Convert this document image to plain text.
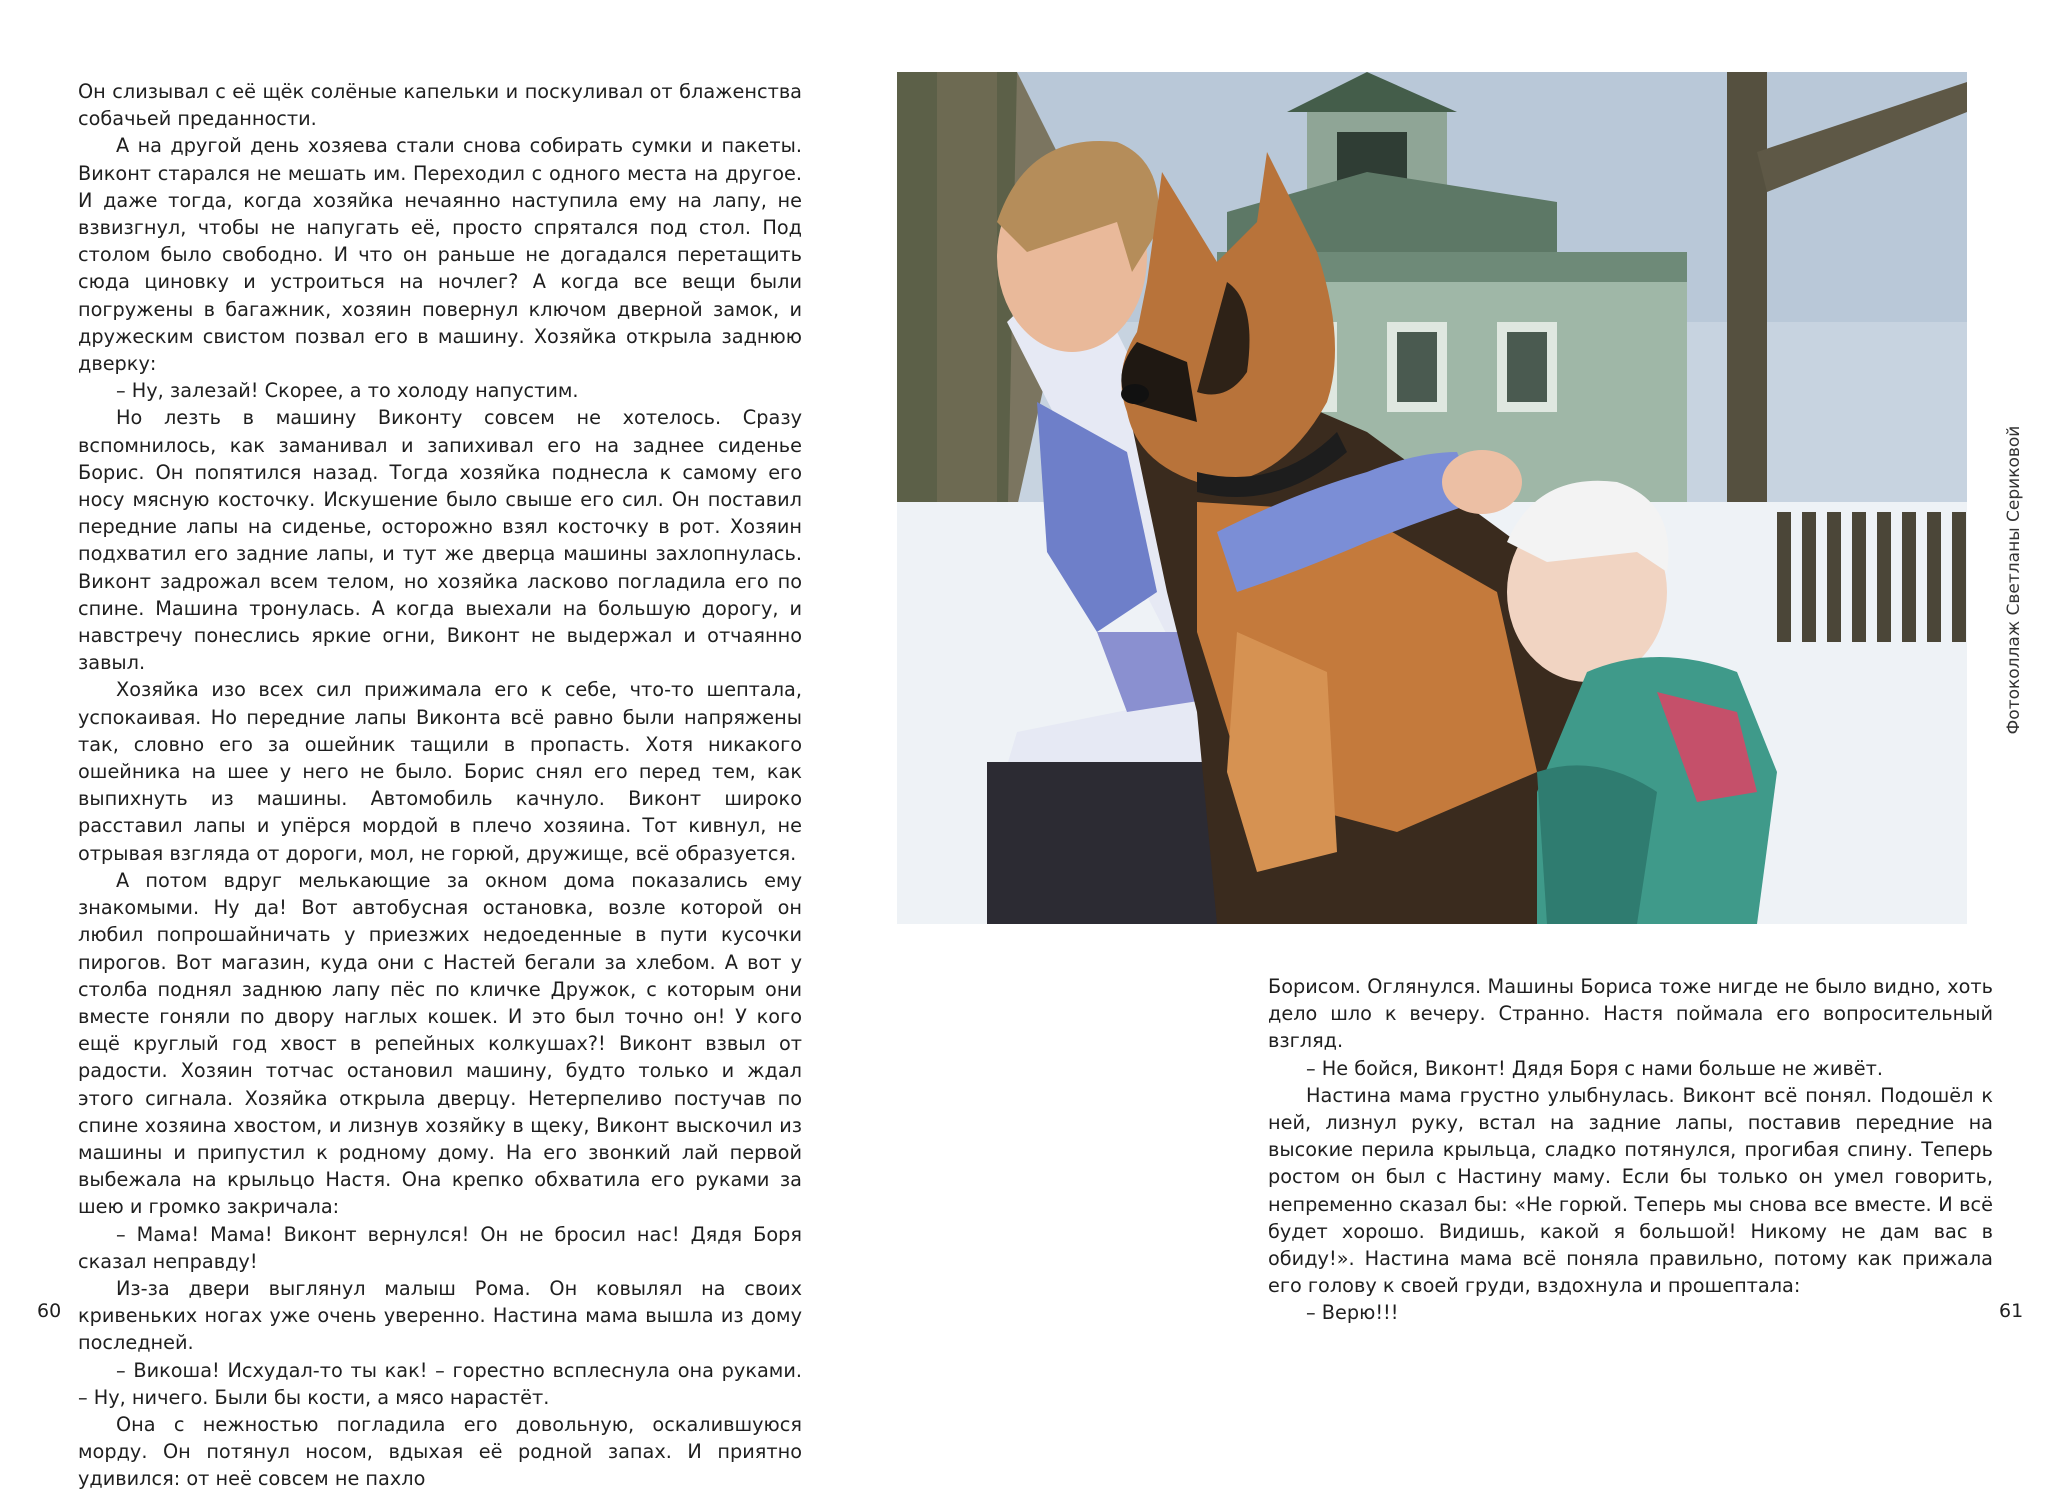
Он слизывал с её щёк солёные капельки и поскуливал от блаженства собачьей преданности.

А на другой день хозяева стали снова собирать сумки и пакеты. Виконт старался не мешать им. Переходил с одного места на другое. И даже тогда, когда хозяйка нечаянно наступила ему на лапу, не взвизгнул, чтобы не напугать её, просто спрятался под стол. Под столом было свободно. И что он раньше не догадался перетащить сюда циновку и устроиться на ночлег? А когда все вещи были погружены в багажник, хозяин повернул ключом дверной замок, и дружеским свистом позвал его в машину. Хозяйка открыла заднюю дверку:

– Ну, залезай! Скорее, а то холоду напустим.

Но лезть в машину Виконту совсем не хотелось. Сразу вспомнилось, как заманивал и запихивал его на заднее сиденье Борис. Он попятился назад. Тогда хозяйка поднесла к самому его носу мясную косточку. Искушение было свыше его сил. Он поставил передние лапы на сиденье, осторожно взял косточку в рот. Хозяин подхватил его задние лапы, и тут же дверца машины захлопнулась. Виконт задрожал всем телом, но хозяйка ласково погладила его по спине. Машина тронулась. А когда выехали на большую дорогу, и навстречу понеслись яркие огни, Виконт не выдержал и отчаянно завыл.

Хозяйка изо всех сил прижимала его к себе, что-то шептала, успокаивая. Но передние лапы Виконта всё равно были напряжены так, словно его за ошейник тащили в пропасть. Хотя никакого ошейника на шее у него не было. Борис снял его перед тем, как выпихнуть из машины. Автомобиль качнуло. Виконт широко расставил лапы и упёрся мордой в плечо хозяина. Тот кивнул, не отрывая взгляда от дороги, мол, не горюй, дружище, всё образуется.

А потом вдруг мелькающие за окном дома показались ему знакомыми. Ну да! Вот автобусная остановка, возле которой он любил попрошайничать у приезжих недоеденные в пути кусочки пирогов. Вот магазин, куда они с Настей бегали за хлебом. А вот у столба поднял заднюю лапу пёс по кличке Дружок, с которым они вместе гоняли по двору наглых кошек. И это был точно он! У кого ещё круглый год хвост в репейных колкушах?! Виконт взвыл от радости. Хозяин тотчас остановил машину, будто только и ждал этого сигнала. Хозяйка открыла дверцу. Нетерпеливо постучав по спине хозяина хвостом, и лизнув хозяйку в щеку, Виконт выскочил из машины и припустил к родному дому. На его звонкий лай первой выбежала на крыльцо Настя. Она крепко обхватила его руками за шею и громко закричала:

– Мама! Мама! Виконт вернулся! Он не бросил нас! Дядя Боря сказал неправду!

Из-за двери выглянул малыш Рома. Он ковылял на своих кривеньких ногах уже очень уверенно. Настина мама вышла из дому последней.

– Викоша! Исхудал-то ты как! – горестно всплеснула она руками. – Ну, ничего. Были бы кости, а мясо нарастёт.

Она с нежностью погладила его довольную, оскалившуюся морду. Он потянул носом, вдыхая её родной запах. И приятно удивился: от неё совсем не пахло

60

Борисом. Оглянулся. Машины Бориса тоже нигде не было видно, хоть дело шло к вечеру. Странно. Настя поймала его вопросительный взгляд.

– Не бойся, Виконт! Дядя Боря с нами больше не живёт.

Настина мама грустно улыбнулась. Виконт всё понял. Подошёл к ней, лизнул руку, встал на задние лапы, поставив передние на высокие перила крыльца, сладко потянулся, прогибая спину. Теперь ростом он был с Настину маму. Если бы только он умел говорить, непременно сказал бы: «Не горюй. Теперь мы снова все вместе. И всё будет хорошо. Видишь, какой я большой! Никому не дам вас в обиду!». Настина мама всё поняла правильно, потому как прижала его голову к своей груди, вздохнула и прошептала:

– Верю!!!	61
Фотоколлаж Светланы Сериковой
